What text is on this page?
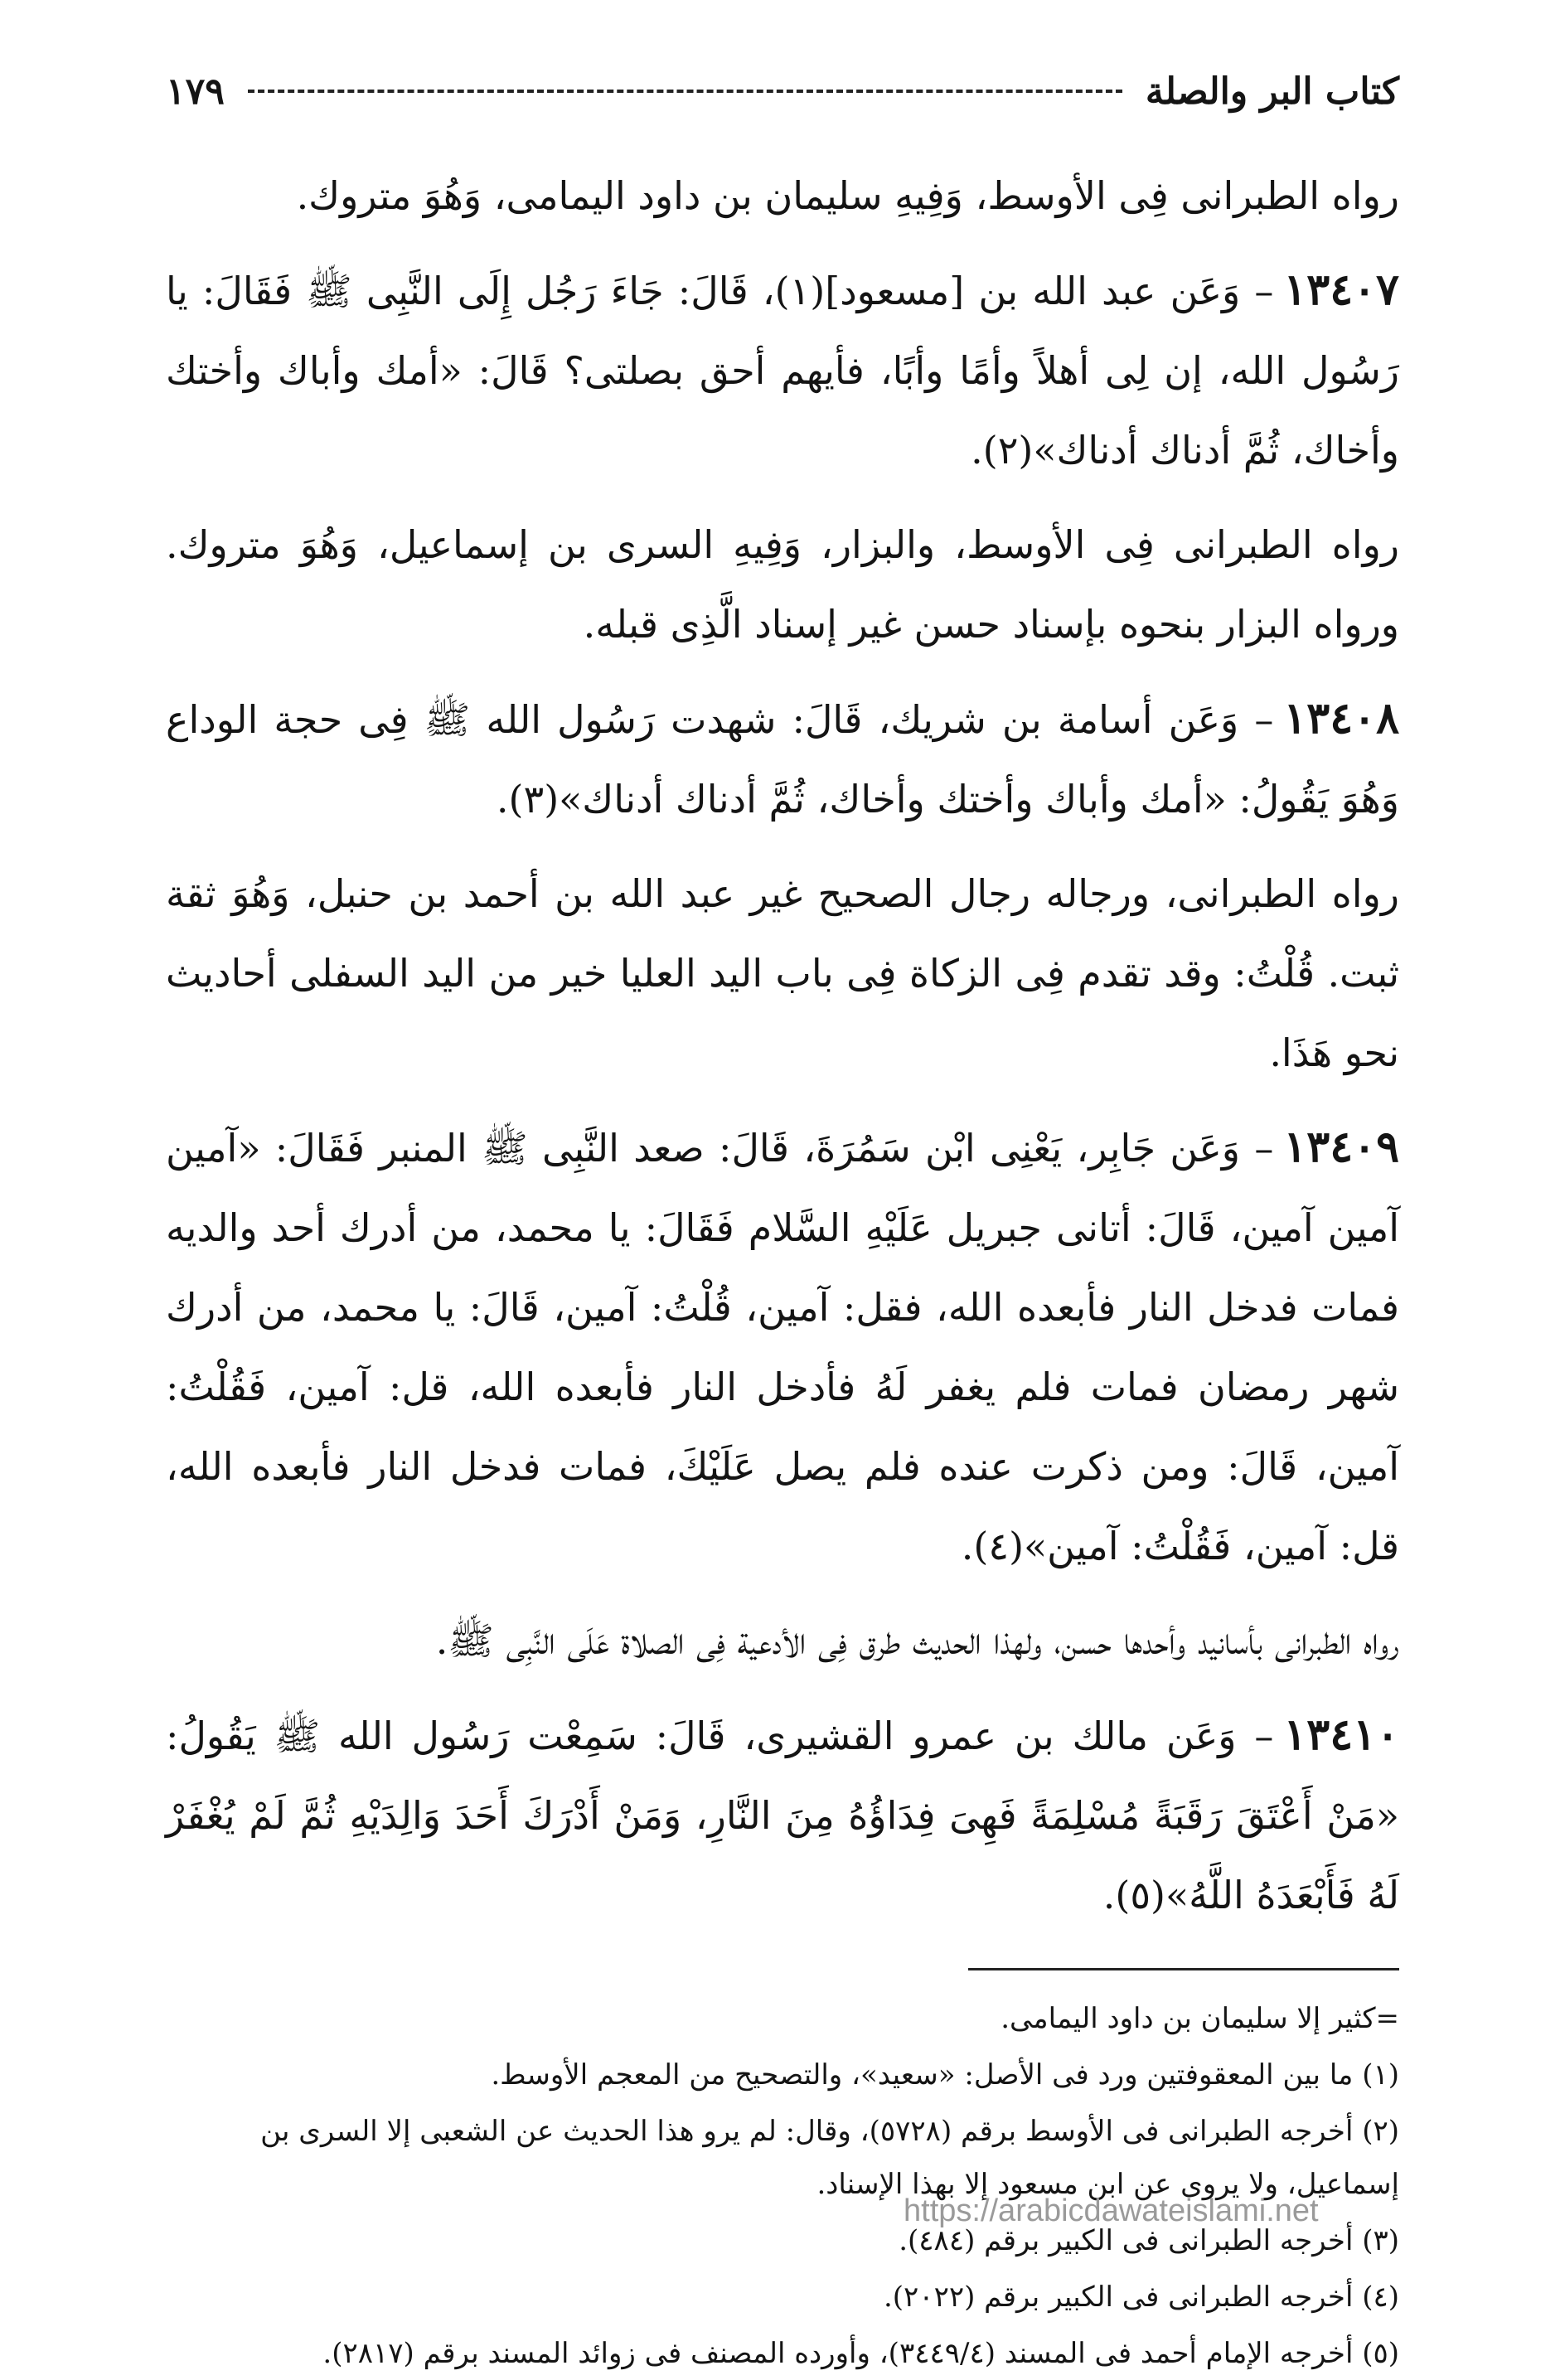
كتاب البر والصلة
١٧٩

رواه الطبرانى فِى الأوسط، وَفِيهِ سليمان بن داود اليمامى، وَهُوَ متروك.

١٣٤٠٧– وَعَن عبد الله بن [مسعود](١)، قَالَ: جَاءَ رَجُل إِلَى النَّبِى ﷺ فَقَالَ: يا رَسُول الله، إن لِى أهلاً وأمًا وأبًا، فأيهم أحق بصلتى؟ قَالَ: «أمك وأباك وأختك وأخاك، ثُمَّ أدناك أدناك»(٢).

رواه الطبرانى فِى الأوسط، والبزار، وَفِيهِ السرى بن إسماعيل، وَهُوَ متروك. ورواه البزار بنحوه بإسناد حسن غير إسناد الَّذِى قبله.

١٣٤٠٨– وَعَن أسامة بن شريك، قَالَ: شهدت رَسُول الله ﷺ فِى حجة الوداع وَهُوَ يَقُولُ: «أمك وأباك وأختك وأخاك، ثُمَّ أدناك أدناك»(٣).

رواه الطبرانى، ورجاله رجال الصحيح غير عبد الله بن أحمد بن حنبل، وَهُوَ ثقة ثبت. قُلْتُ: وقد تقدم فِى الزكاة فِى باب اليد العليا خير من اليد السفلى أحاديث نحو هَذَا.

١٣٤٠٩– وَعَن جَابِر، يَعْنِى ابْن سَمُرَةَ، قَالَ: صعد النَّبِى ﷺ المنبر فَقَالَ: «آمين آمين آمين، قَالَ: أتانى جبريل عَلَيْهِ السَّلام فَقَالَ: يا محمد، من أدرك أحد والديه فمات فدخل النار فأبعده الله، فقل: آمين، قُلْتُ: آمين، قَالَ: يا محمد، من أدرك شهر رمضان فمات فلم يغفر لَهُ فأدخل النار فأبعده الله، قل: آمين، فَقُلْتُ: آمين، قَالَ: ومن ذكرت عنده فلم يصل عَلَيْكَ، فمات فدخل النار فأبعده الله، قل: آمين، فَقُلْتُ: آمين»(٤).

رواه الطبرانى بأسانيد وأحدها حسن، ولهذا الحديث طرق فِى الأدعية فِى الصلاة عَلَى النَّبِى ﷺ.

١٣٤١٠– وَعَن مالك بن عمرو القشيرى، قَالَ: سَمِعْت رَسُول الله ﷺ يَقُولُ: «مَنْ أَعْتَقَ رَقَبَةً مُسْلِمَةً فَهِىَ فِدَاؤُهُ مِنَ النَّارِ، وَمَنْ أَدْرَكَ أَحَدَ وَالِدَيْهِ ثُمَّ لَمْ يُغْفَرْ لَهُ فَأَبْعَدَهُ اللَّهُ»(٥).

=كثير إلا سليمان بن داود اليمامى.

(١) ما بين المعقوفتين ورد فى الأصل: «سعيد»، والتصحيح من المعجم الأوسط.

(٢) أخرجه الطبرانى فى الأوسط برقم (٥٧٢٨)، وقال: لم يرو هذا الحديث عن الشعبى إلا السرى بن إسماعيل، ولا يروى عن ابن مسعود إلا بهذا الإسناد.

(٣) أخرجه الطبرانى فى الكبير برقم (٤٨٤).

(٤) أخرجه الطبرانى فى الكبير برقم (٢٠٢٢).

(٥) أخرجه الإمام أحمد فى المسند (٣٤٤٩/٤)، وأورده المصنف فى زوائد المسند برقم (٢٨١٧).

https://arabicdawateislami.net
